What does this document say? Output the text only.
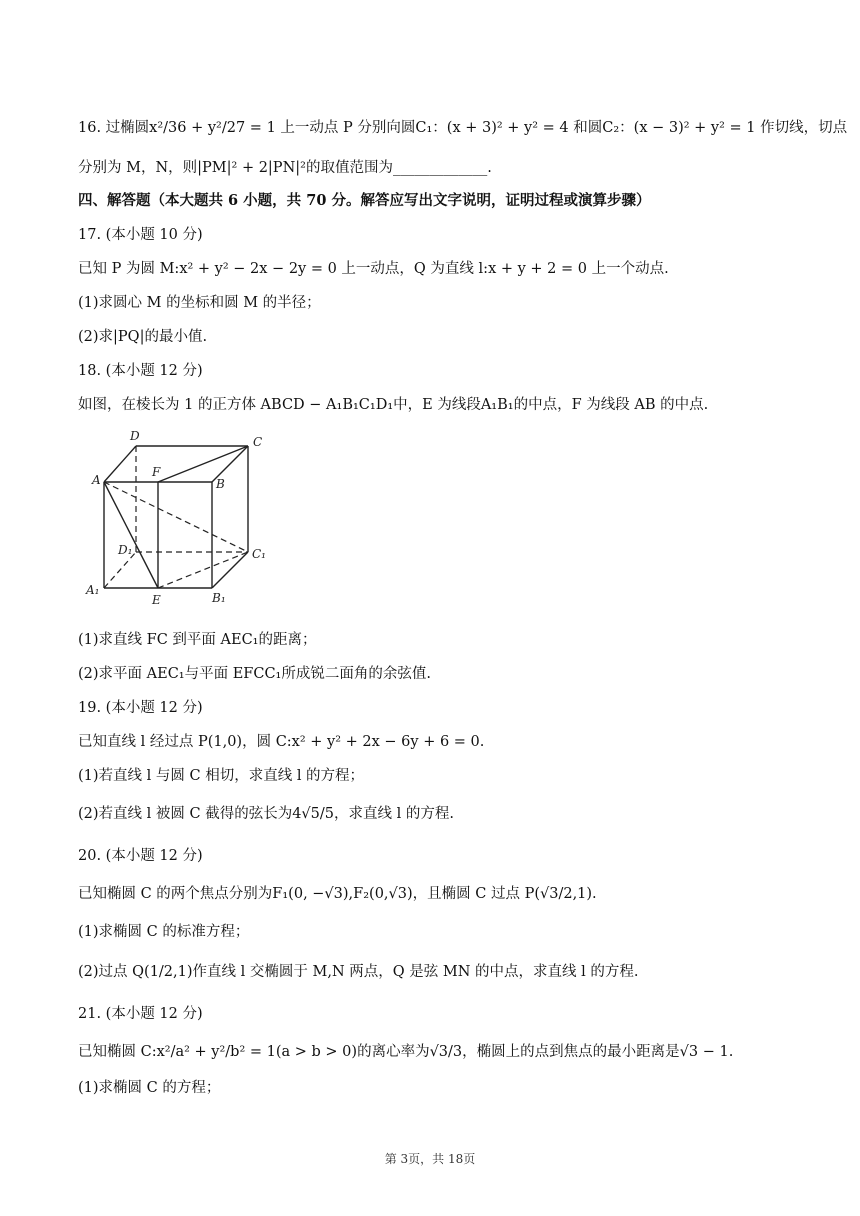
16. 过椭圆x²/36 + y²/27 = 1 上一动点 P 分别向圆C₁：(x + 3)² + y² = 4 和圆C₂：(x − 3)² + y² = 1 作切线，切点
分别为 M，N，则|PM|² + 2|PN|²的取值范围为_____________.
四、解答题（本大题共 6 小题，共 70 分。解答应写出文字说明，证明过程或演算步骤）
17. (本小题 10 分)
已知 P 为圆 M:x² + y² − 2x − 2y = 0 上一动点，Q 为直线 l:x + y + 2 = 0 上一个动点.
(1)求圆心 M 的坐标和圆 M 的半径；
(2)求|PQ|的最小值.
18. (本小题 12 分)
如图，在棱长为 1 的正方体 ABCD − A₁B₁C₁D₁中，E 为线段A₁B₁的中点，F 为线段 AB 的中点.
D	C
A
F
B
D₁	C₁
A₁
E	B₁
(1)求直线 FC 到平面 AEC₁的距离；
(2)求平面 AEC₁与平面 EFCC₁所成锐二面角的余弦值.
19. (本小题 12 分)
已知直线 l 经过点 P(1,0)，圆 C:x² + y² + 2x − 6y + 6 = 0.
(1)若直线 l 与圆 C 相切，求直线 l 的方程；
(2)若直线 l 被圆 C 截得的弦长为4√5/5，求直线 l 的方程.
20. (本小题 12 分)
已知椭圆 C 的两个焦点分别为F₁(0, −√3),F₂(0,√3)，且椭圆 C 过点 P(√3/2,1).
(1)求椭圆 C 的标准方程；
(2)过点 Q(1/2,1)作直线 l 交椭圆于 M,N 两点，Q 是弦 MN 的中点，求直线 l 的方程.
21. (本小题 12 分)
已知椭圆 C:x²/a² + y²/b² = 1(a > b > 0)的离心率为√3/3，椭圆上的点到焦点的最小距离是√3 − 1.
(1)求椭圆 C 的方程；
第 3页，共 18页
